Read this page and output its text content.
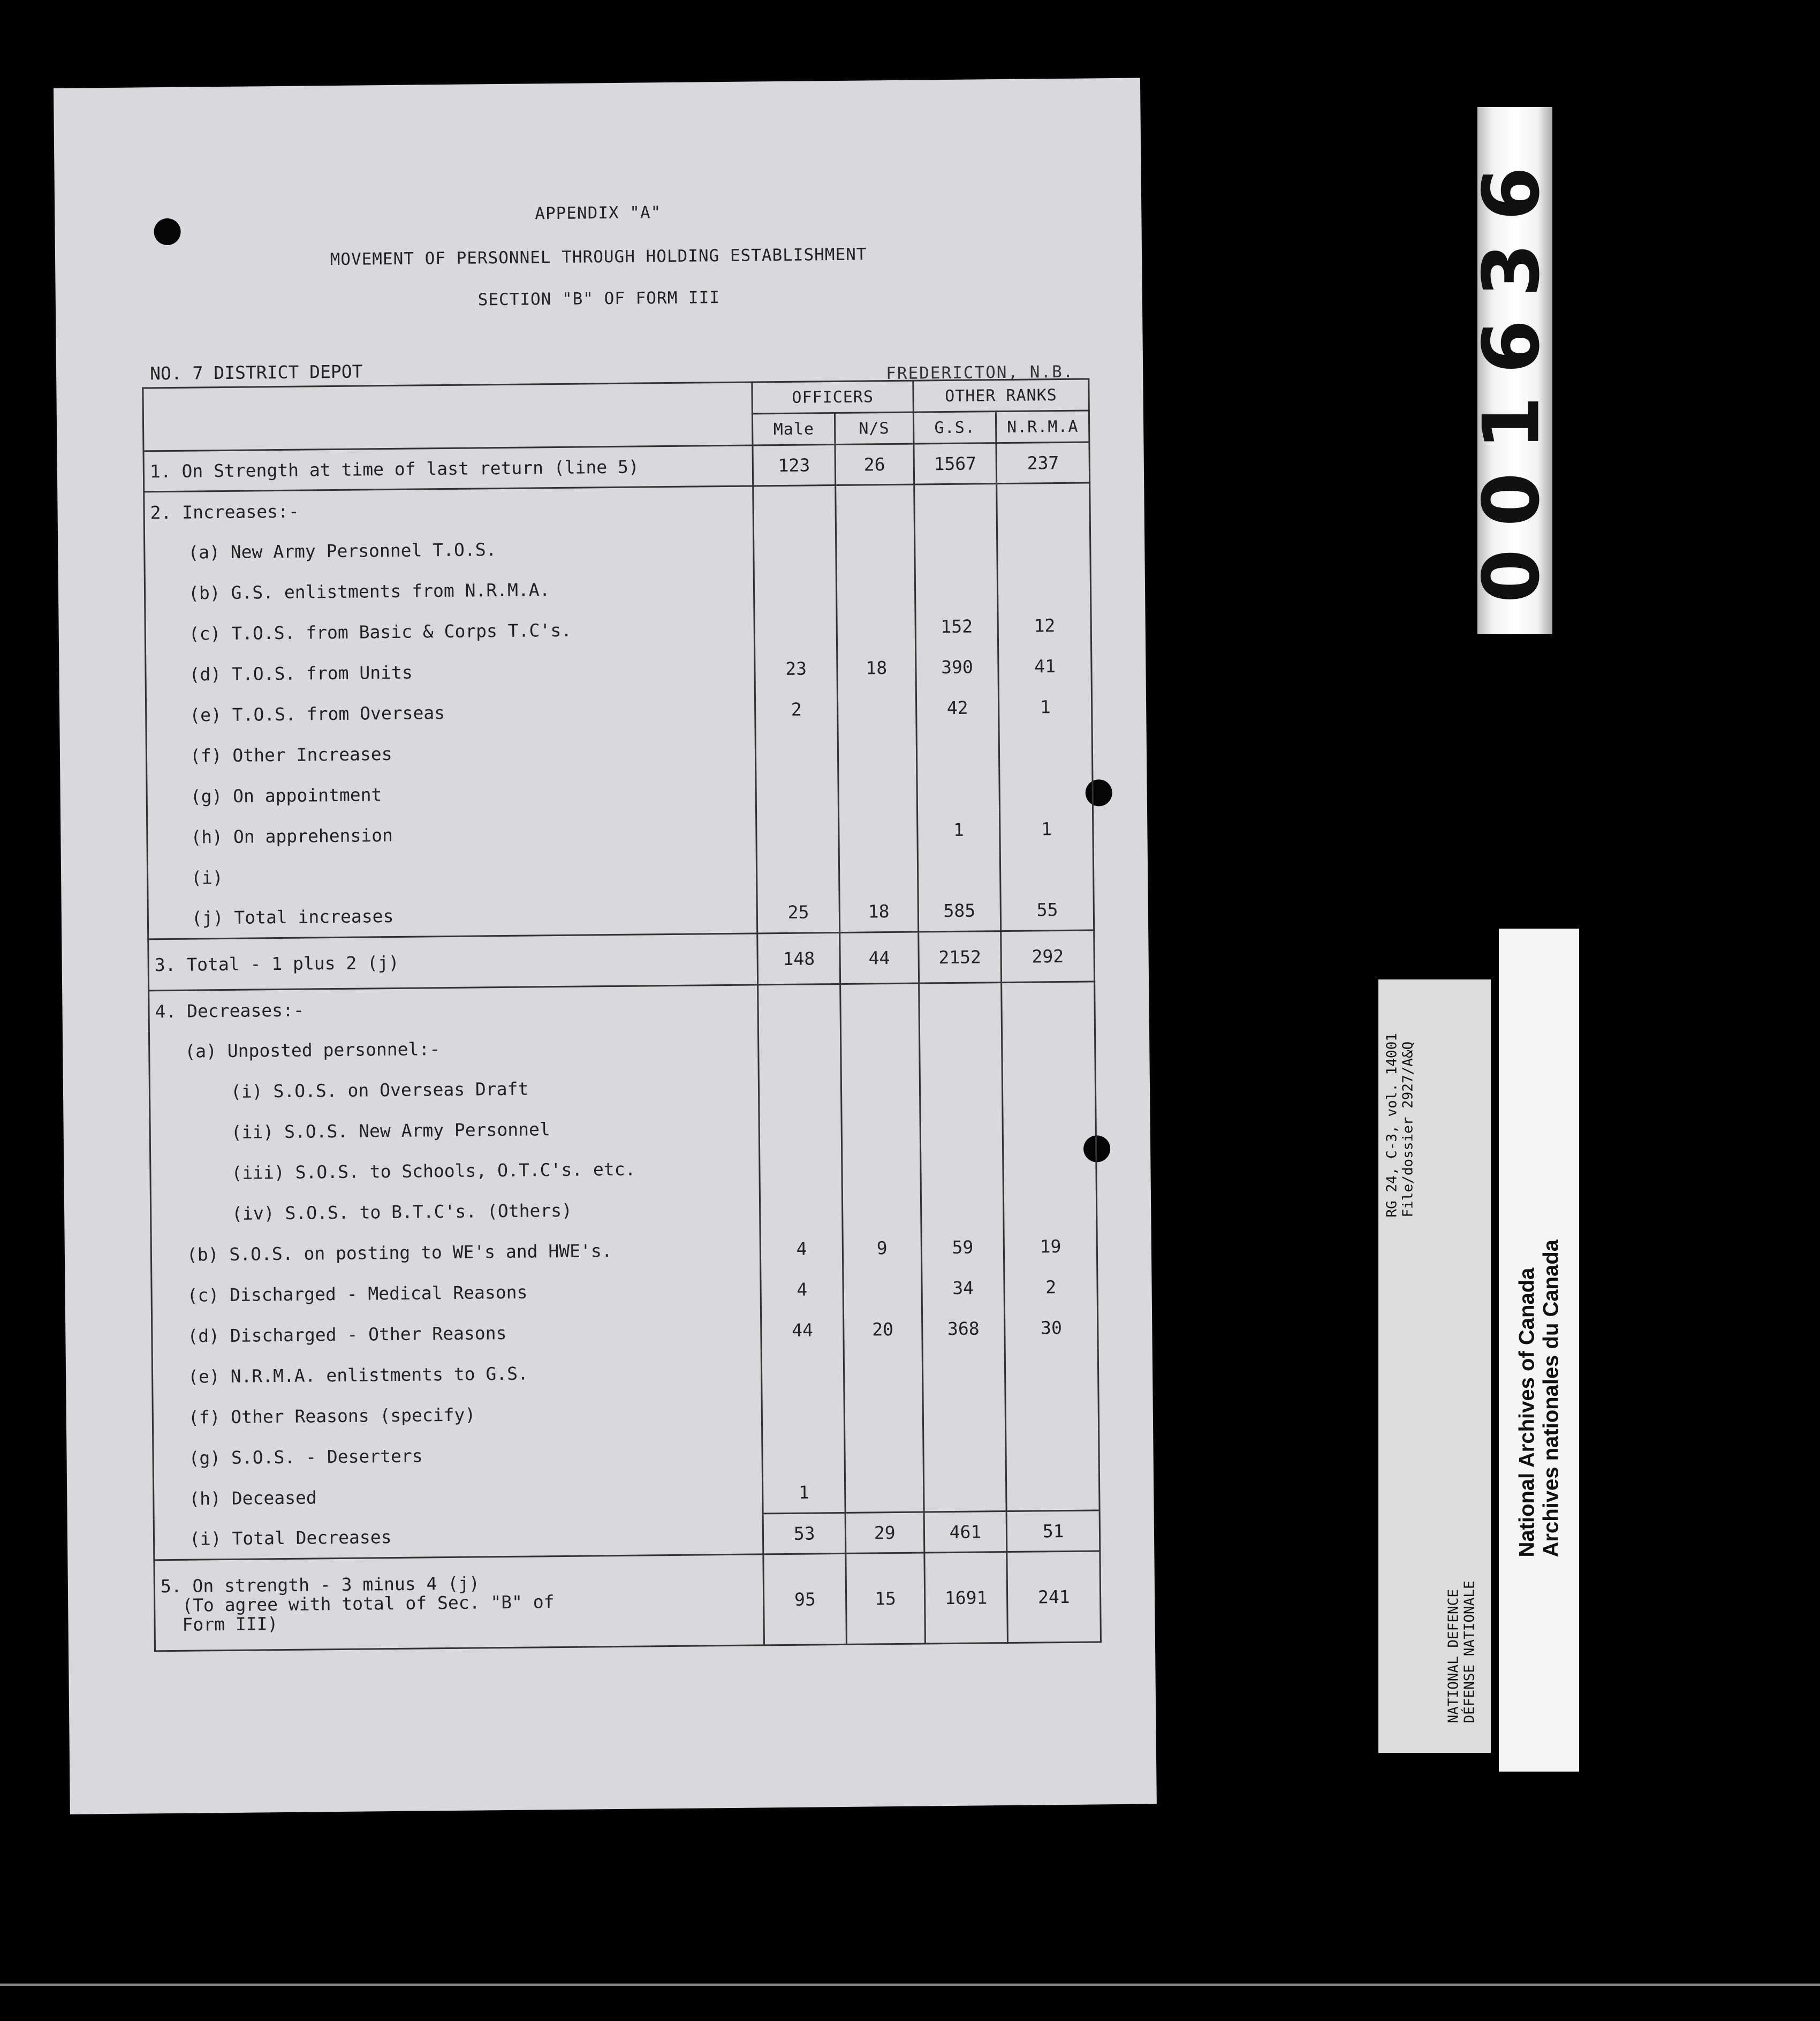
APPENDIX "A"
MOVEMENT OF PERSONNEL THROUGH HOLDING ESTABLISHMENT
SECTION "B" OF FORM III
NO. 7 DISTRICT DEPOT	FREDERICTON, N.B.
	OFFICERS		OTHER RANKS	
	Male	N/S	G.S.	N.R.M.A
1. On Strength at time of last return (line 5)	123	26	1567	237
2. Increases:-				
(a) New Army Personnel T.O.S.				
(b) G.S. enlistments from N.R.M.A.				
(c) T.O.S. from Basic & Corps T.C's.			152	12
(d) T.O.S. from Units	23	18	390	41
(e) T.O.S. from Overseas	2		42	1
(f) Other Increases				
(g) On appointment				
(h) On apprehension			1	1
(i)				
(j) Total increases	25	18	585	55
3. Total - 1 plus 2 (j)	148	44	2152	292
4. Decreases:-				
(a) Unposted personnel:-				
(i) S.O.S. on Overseas Draft				
(ii) S.O.S. New Army Personnel				
(iii) S.O.S. to Schools, O.T.C's. etc.				
(iv) S.O.S. to B.T.C's. (Others)				
(b) S.O.S. on posting to WE's and HWE's.	4	9	59	19
(c) Discharged - Medical Reasons	4		34	2
(d) Discharged - Other Reasons	44	20	368	30
(e) N.R.M.A. enlistments to G.S.				
(f) Other Reasons (specify)				
(g) S.O.S. - Deserters				
(h) Deceased	1			
(i) Total Decreases	53	29	461	51

5. On strength - 3 minus 4 (j)
(To agree with total of Sec. "B" of
Form III)	95	15	1691	241
001636
RG 24, C-3, vol. 14001 File/dossier 2927/A&Q
NATIONAL DEFENCE DÉFENSE NATIONALE
National Archives of Canada Archives nationales du Canada
